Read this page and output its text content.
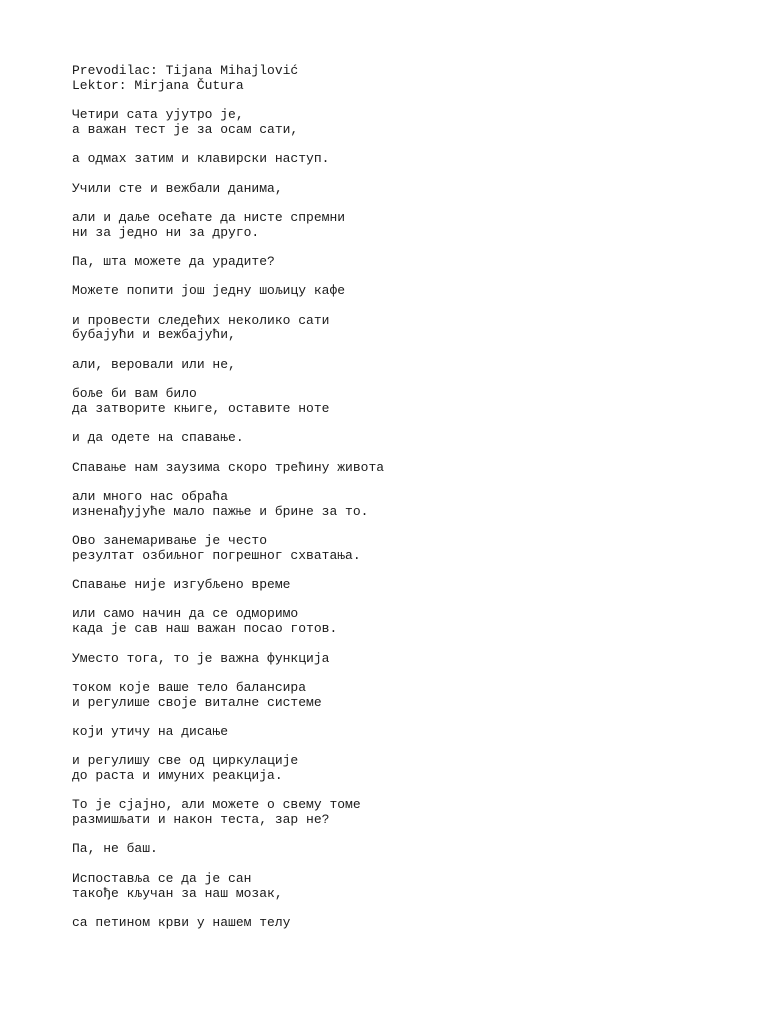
Prevodilac: Tijana Mihajlović
Lektor: Mirjana Čutura
Четири сата ујутро је,
а важан тест је за осам сати,
а одмах затим и клавирски наступ.
Учили сте и вежбали данима,
али и даље осећате да нисте спремни
ни за једно ни за друго.
Па, шта можете да урадите?
Можете попити још једну шољицу кафе
и провести следећих неколико сати
бубајући и вежбајући,
али, веровали или не,
боље би вам било
да затворите књиге, оставите ноте
и да одете на спавање.
Спавање нам заузима скоро трећину живота
али много нас обраћа
изненађујуће мало пажње и брине за то.
Ово занемаривање је често
резултат озбиљног погрешног схватања.
Спавање није изгубљено време
или само начин да се одморимо
када је сав наш важан посао готов.
Уместо тога, то је важна функција
током које ваше тело балансира
и регулише своје виталне системе
који утичу на дисање
и регулишу све од циркулације
до раста и имуних реакција.
То је сјајно, али можете о свему томе
размишљати и након теста, зар не?
Па, не баш.
Испоставља се да је сан
такође кључан за наш мозак,
са петином крви у нашем телу
